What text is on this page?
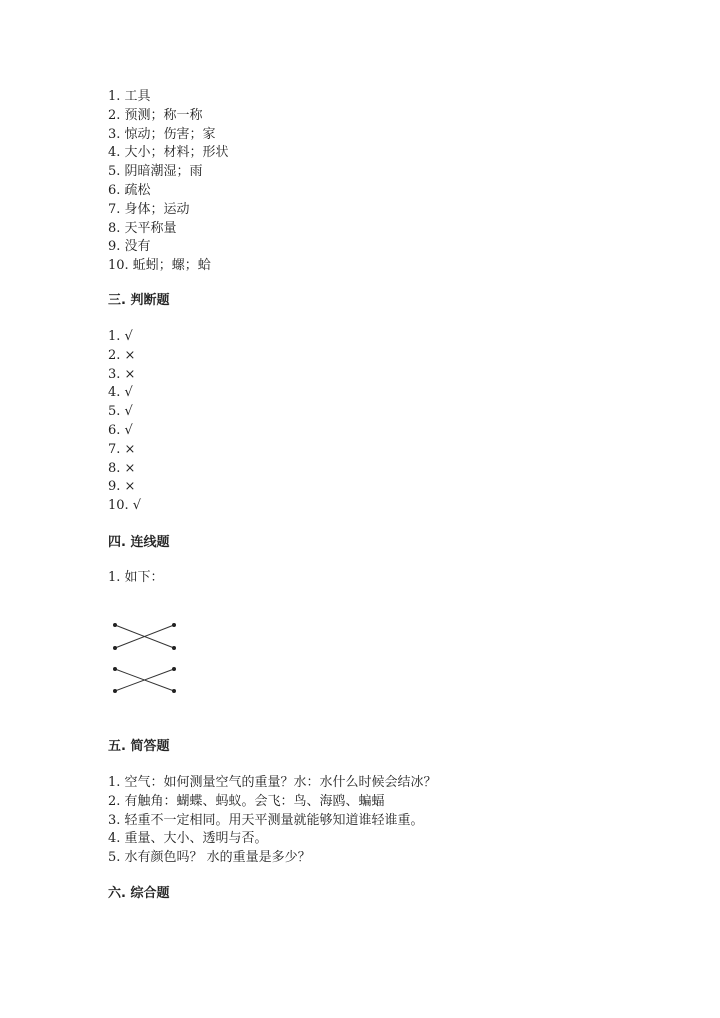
1. 工具
2. 预测；称一称
3. 惊动；伤害；家
4. 大小；材料；形状
5. 阴暗潮湿；雨
6. 疏松
7. 身体；运动
8. 天平称量
9. 没有
10. 蚯蚓；螺；蛤
三. 判断题
1. √
2. ×
3. ×
4. √
5. √
6. √
7. ×
8. ×
9. ×
10. √
四. 连线题
1. 如下：
五. 简答题
1. 空气：如何测量空气的重量？水：水什么时候会结冰？
2. 有触角：蝴蝶、蚂蚁。会飞：鸟、海鸥、蝙蝠
3. 轻重不一定相同。用天平测量就能够知道谁轻谁重。
4. 重量、大小、透明与否。
5. 水有颜色吗？ 水的重量是多少？
六. 综合题
